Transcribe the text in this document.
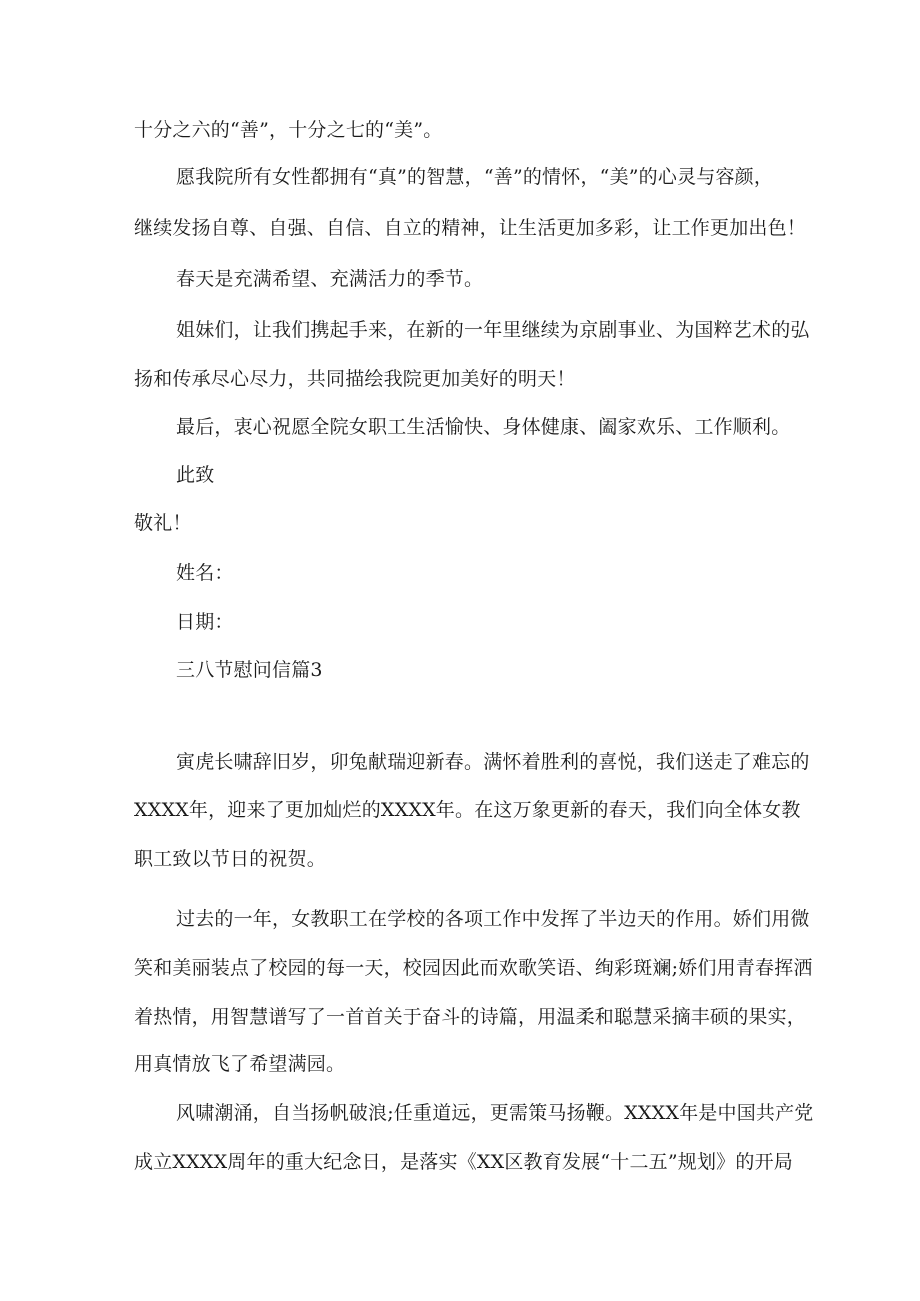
十分之六的“善”，十分之七的“美”。
愿我院所有女性都拥有“真”的智慧，“善”的情怀，“美”的心灵与容颜，
继续发扬自尊、自强、自信、自立的精神，让生活更加多彩，让工作更加出色！
春天是充满希望、充满活力的季节。
姐妹们，让我们携起手来，在新的一年里继续为京剧事业、为国粹艺术的弘
扬和传承尽心尽力，共同描绘我院更加美好的明天！
最后，衷心祝愿全院女职工生活愉快、身体健康、阖家欢乐、工作顺利。
此致
敬礼！
姓名：
日期：
三八节慰问信篇3
寅虎长啸辞旧岁，卯兔献瑞迎新春。满怀着胜利的喜悦，我们送走了难忘的
XXXX年，迎来了更加灿烂的XXXX年。在这万象更新的春天，我们向全体女教
职工致以节日的祝贺。
过去的一年，女教职工在学校的各项工作中发挥了半边天的作用。娇们用微
笑和美丽装点了校园的每一天，校园因此而欢歌笑语、绚彩斑斓;娇们用青春挥洒
着热情，用智慧谱写了一首首关于奋斗的诗篇，用温柔和聪慧采摘丰硕的果实，
用真情放飞了希望满园。
风啸潮涌，自当扬帆破浪;任重道远，更需策马扬鞭。XXXX年是中国共产党
成立XXXX周年的重大纪念日，是落实《XX区教育发展“十二五”规划》的开局
